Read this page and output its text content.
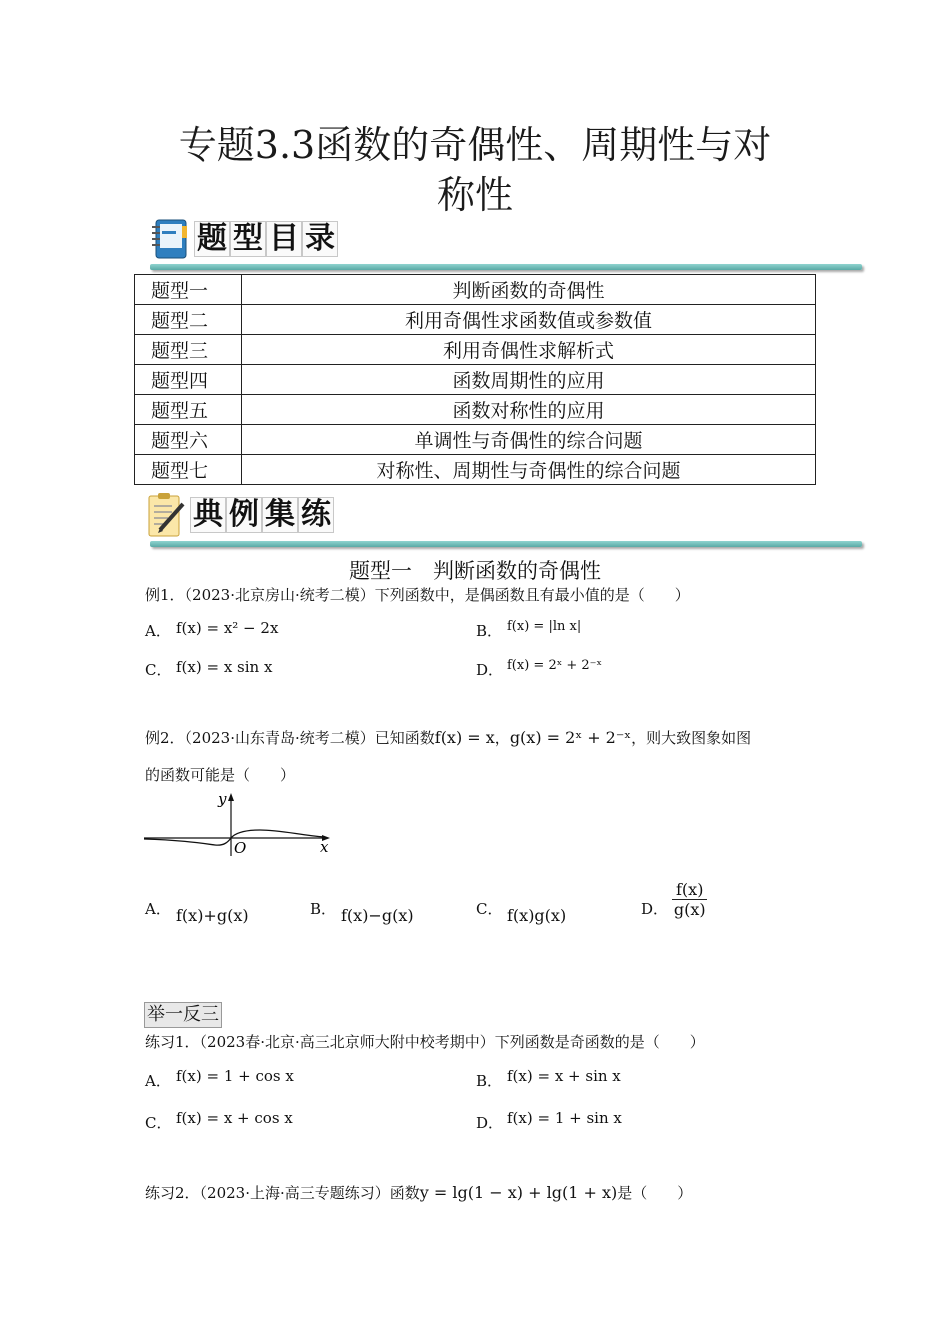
专题3.3函数的奇偶性、周期性与对
称性
题 型 目 录
题型一	判断函数的奇偶性
题型二	利用奇偶性求函数值或参数值
题型三	利用奇偶性求解析式
题型四	函数周期性的应用
题型五	函数对称性的应用
题型六	单调性与奇偶性的综合问题
题型七	对称性、周期性与奇偶性的综合问题
典 例 集 练
题型一　判断函数的奇偶性
例1．（2023·北京房山·统考二模）下列函数中，是偶函数且有最小值的是（　　）
A． f(x) = x² − 2x	B． f(x) = |ln x|
C． f(x) = x sin x	D． f(x) = 2ˣ + 2⁻ˣ
例2．（2023·山东青岛·统考二模）已知函数f(x) = x，g(x) = 2ˣ + 2⁻ˣ，则大致图象如图
的函数可能是（　　）
y
O	x
A． f(x)+g(x)	B． f(x)−g(x)	C． f(x)g(x)	D． $\frac{f(x)}{g(x)}$
举 一 反 三
练习1．（2023春·北京·高三北京师大附中校考期中）下列函数是奇函数的是（　　）
A． f(x) = 1 + cos x	B． f(x) = x + sin x
C． f(x) = x + cos x	D． f(x) = 1 + sin x
练习2．（2023·上海·高三专题练习）函数y = lg(1 − x) + lg(1 + x)是（　　）
